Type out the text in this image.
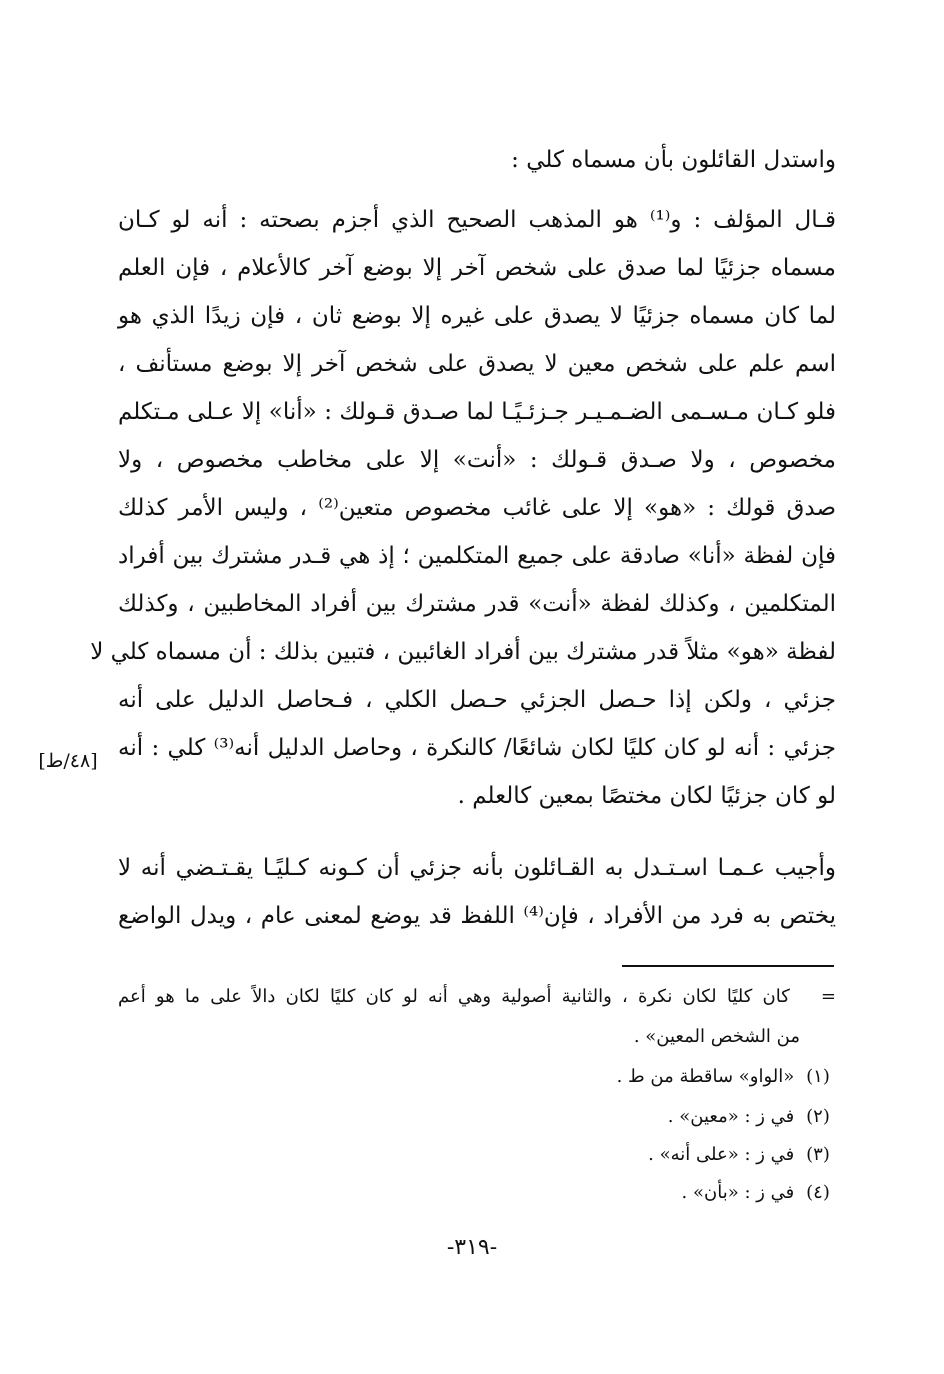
واستدل القائلون بأن مسماه كلي :
قـال المؤلف : و⁽¹⁾ هو المذهب الصحيح الذي أجزم بصحته : أنه لو كـان
مسماه جزئيًا لما صدق على شخص آخر إلا بوضع آخر كالأعلام ، فإن العلم
لما كان مسماه جزئيًا لا يصدق على غيره إلا بوضع ثان ، فإن زيدًا الذي هو
اسم علم على شخص معين لا يصدق على شخص آخر إلا بوضع مستأنف ،
فلو كـان مـسـمى الضـمـيـر جـزئـيًـا لما صـدق قـولك : «أنا» إلا عـلى مـتكلم
مخصوص ، ولا صـدق قـولك : «أنت» إلا على مخاطب مخصوص ، ولا
صدق قولك : «هو» إلا على غائب مخصوص متعين⁽²⁾ ، وليس الأمر كذلك
فإن لفظة «أنا» صادقة على جميع المتكلمين ؛ إذ هي قـدر مشترك بين أفراد
المتكلمين ، وكذلك لفظة «أنت» قدر مشترك بين أفراد المخاطبين ، وكذلك
لفظة «هو» مثلاً قدر مشترك بين أفراد الغائبين ، فتبين بذلك : أن مسماه كلي لا
جزئي ، ولكن إذا حـصل الجزئي حـصل الكلي ، فـحاصل الدليل على أنه
جزئي : أنه لو كان كليًا لكان شائعًا/ كالنكرة ، وحاصل الدليل أنه⁽³⁾ كلي : أنه
لو كان جزئيًا لكان مختصًا بمعين كالعلم .
وأجيب عـمـا اسـتـدل به القـائلون بأنه جزئي أن كـونه كـليًـا يقـتـضي أنه لا
يختص به فرد من الأفراد ، فإن⁽⁴⁾ اللفظ قد يوضع لمعنى عام ، ويدل الواضع
[٤٨/ط]
= كان كليًا لكان نكرة ، والثانية أصولية وهي أنه لو كان كليًا لكان دالاً على ما هو أعم
من الشخص المعين» .
(١) «الواو» ساقطة من ط .
(٢) في ز : «معين» .
(٣) في ز : «على أنه» .
(٤) في ز : «بأن» .
-٣١٩-
